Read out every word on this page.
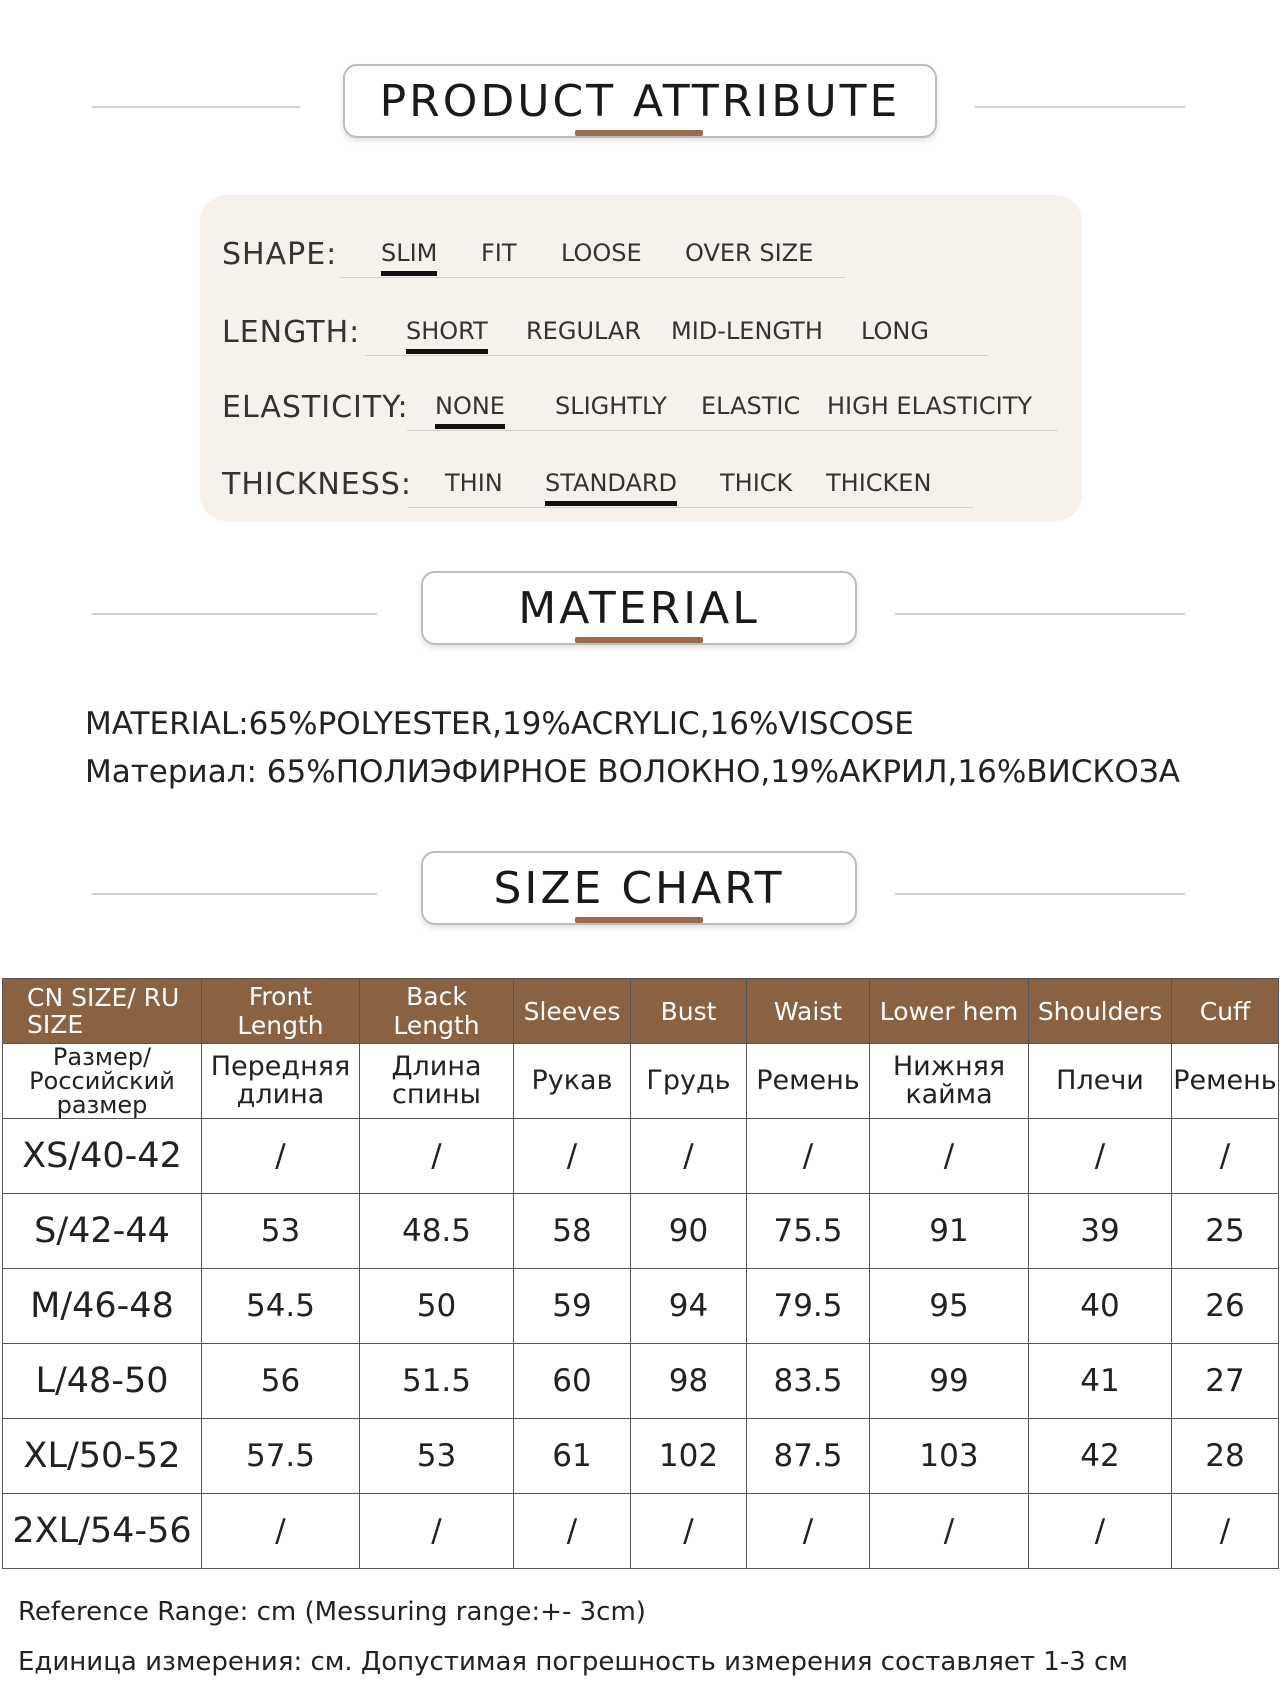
PRODUCT ATTRIBUTE
SHAPE: SLIM FIT LOOSE OVER SIZE
LENGTH: SHORT REGULAR MID-LENGTH LONG
ELASTICITY: NONE SLIGHTLY ELASTIC HIGH ELASTICITY
THICKNESS: THIN STANDARD THICK THICKEN
MATERIAL
MATERIAL:65%POLYESTER,19%ACRYLIC,16%VISCOSE
Материал: 65%ПОЛИЭФИРНОЕ ВОЛОКНО,19%АКРИЛ,16%ВИСКОЗА
SIZE CHART
CN SIZE/ RU SIZE	Front Length	Back Length	Sleeves	Bust	Waist	Lower hem	Shoulders	Cuff
Размер/ Российский размер	Передняя длина	Длина спины	Рукав	Грудь	Ремень	Нижняя кайма	Плечи	Ремень
XS/40-42	/	/	/	/	/	/	/	/
S/42-44	53	48.5	58	90	75.5	91	39	25
M/46-48	54.5	50	59	94	79.5	95	40	26
L/48-50	56	51.5	60	98	83.5	99	41	27
XL/50-52	57.5	53	61	102	87.5	103	42	28
2XL/54-56	/	/	/	/	/	/	/	/
Reference Range: cm (Messuring range:+- 3cm)
Единица измерения: см. Допустимая погрешность измерения составляет 1-3 см
